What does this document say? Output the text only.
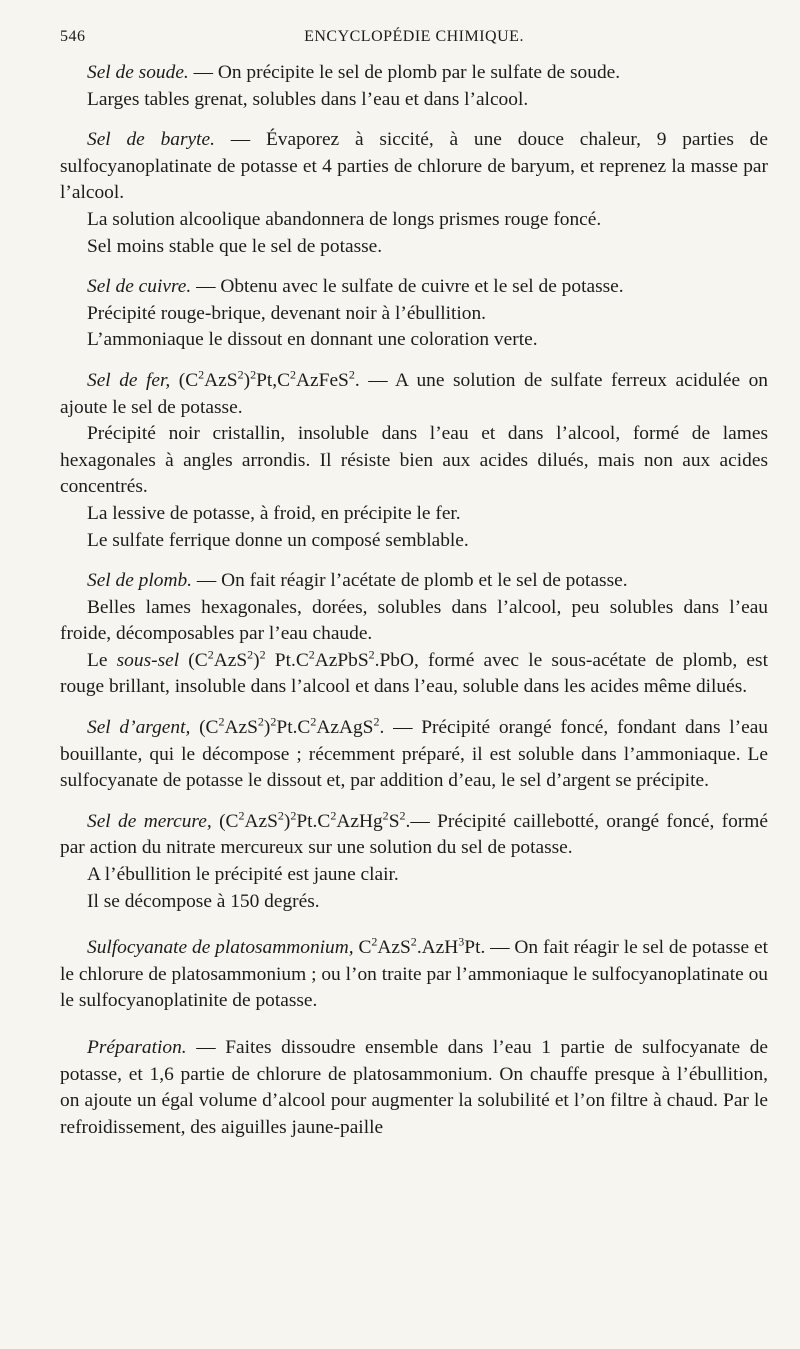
546	ENCYCLOPÉDIE CHIMIQUE.

Sel de soude. — On précipite le sel de plomb par le sulfate de soude.

Larges tables grenat, solubles dans l’eau et dans l’alcool.

Sel de baryte. — Évaporez à siccité, à une douce chaleur, 9 parties de sulfocyanoplatinate de potasse et 4 parties de chlorure de baryum, et reprenez la masse par l’alcool.

La solution alcoolique abandonnera de longs prismes rouge foncé.

Sel moins stable que le sel de potasse.

Sel de cuivre. — Obtenu avec le sulfate de cuivre et le sel de potasse.

Précipité rouge-brique, devenant noir à l’ébullition.

L’ammoniaque le dissout en donnant une coloration verte.

Sel de fer, $(C^2AzS^2)^2Pt,C^2AzFeS^2$. — A une solution de sulfate ferreux acidulée on ajoute le sel de potasse.

Précipité noir cristallin, insoluble dans l’eau et dans l’alcool, formé de lames hexagonales à angles arrondis. Il résiste bien aux acides dilués, mais non aux acides concentrés.

La lessive de potasse, à froid, en précipite le fer.

Le sulfate ferrique donne un composé semblable.

Sel de plomb. — On fait réagir l’acétate de plomb et le sel de potasse.

Belles lames hexagonales, dorées, solubles dans l’alcool, peu solubles dans l’eau froide, décomposables par l’eau chaude.

Le sous-sel $(C^2AzS^2)^2$ $Pt.C^2AzPbS^2.PbO$, formé avec le sous-acétate de plomb, est rouge brillant, insoluble dans l’alcool et dans l’eau, soluble dans les acides même dilués.

Sel d’argent, $(C^2AzS^2)^2Pt.C^2AzAgS^2$. — Précipité orangé foncé, fondant dans l’eau bouillante, qui le décompose ; récemment préparé, il est soluble dans l’ammoniaque. Le sulfocyanate de potasse le dissout et, par addition d’eau, le sel d’argent se précipite.

Sel de mercure, $(C^2AzS^2)^2Pt.C^2AzHg^2S^2.—$ Précipité caillebotté, orangé foncé, formé par action du nitrate mercureux sur une solution du sel de potasse.

A l’ébullition le précipité est jaune clair.

Il se décompose à 150 degrés.

Sulfocyanate de platosammonium, $C^2AzS^2.AzH^3Pt$. — On fait réagir le sel de potasse et le chlorure de platosammonium ; ou l’on traite par l’ammoniaque le sulfocyanoplatinate ou le sulfocyanoplatinite de potasse.

Préparation. — Faites dissoudre ensemble dans l’eau 1 partie de sulfocyanate de potasse, et 1,6 partie de chlorure de platosammonium. On chauffe presque à l’ébullition, on ajoute un égal volume d’alcool pour augmenter la solubilité et l’on filtre à chaud. Par le refroidissement, des aiguilles jaune-paille
